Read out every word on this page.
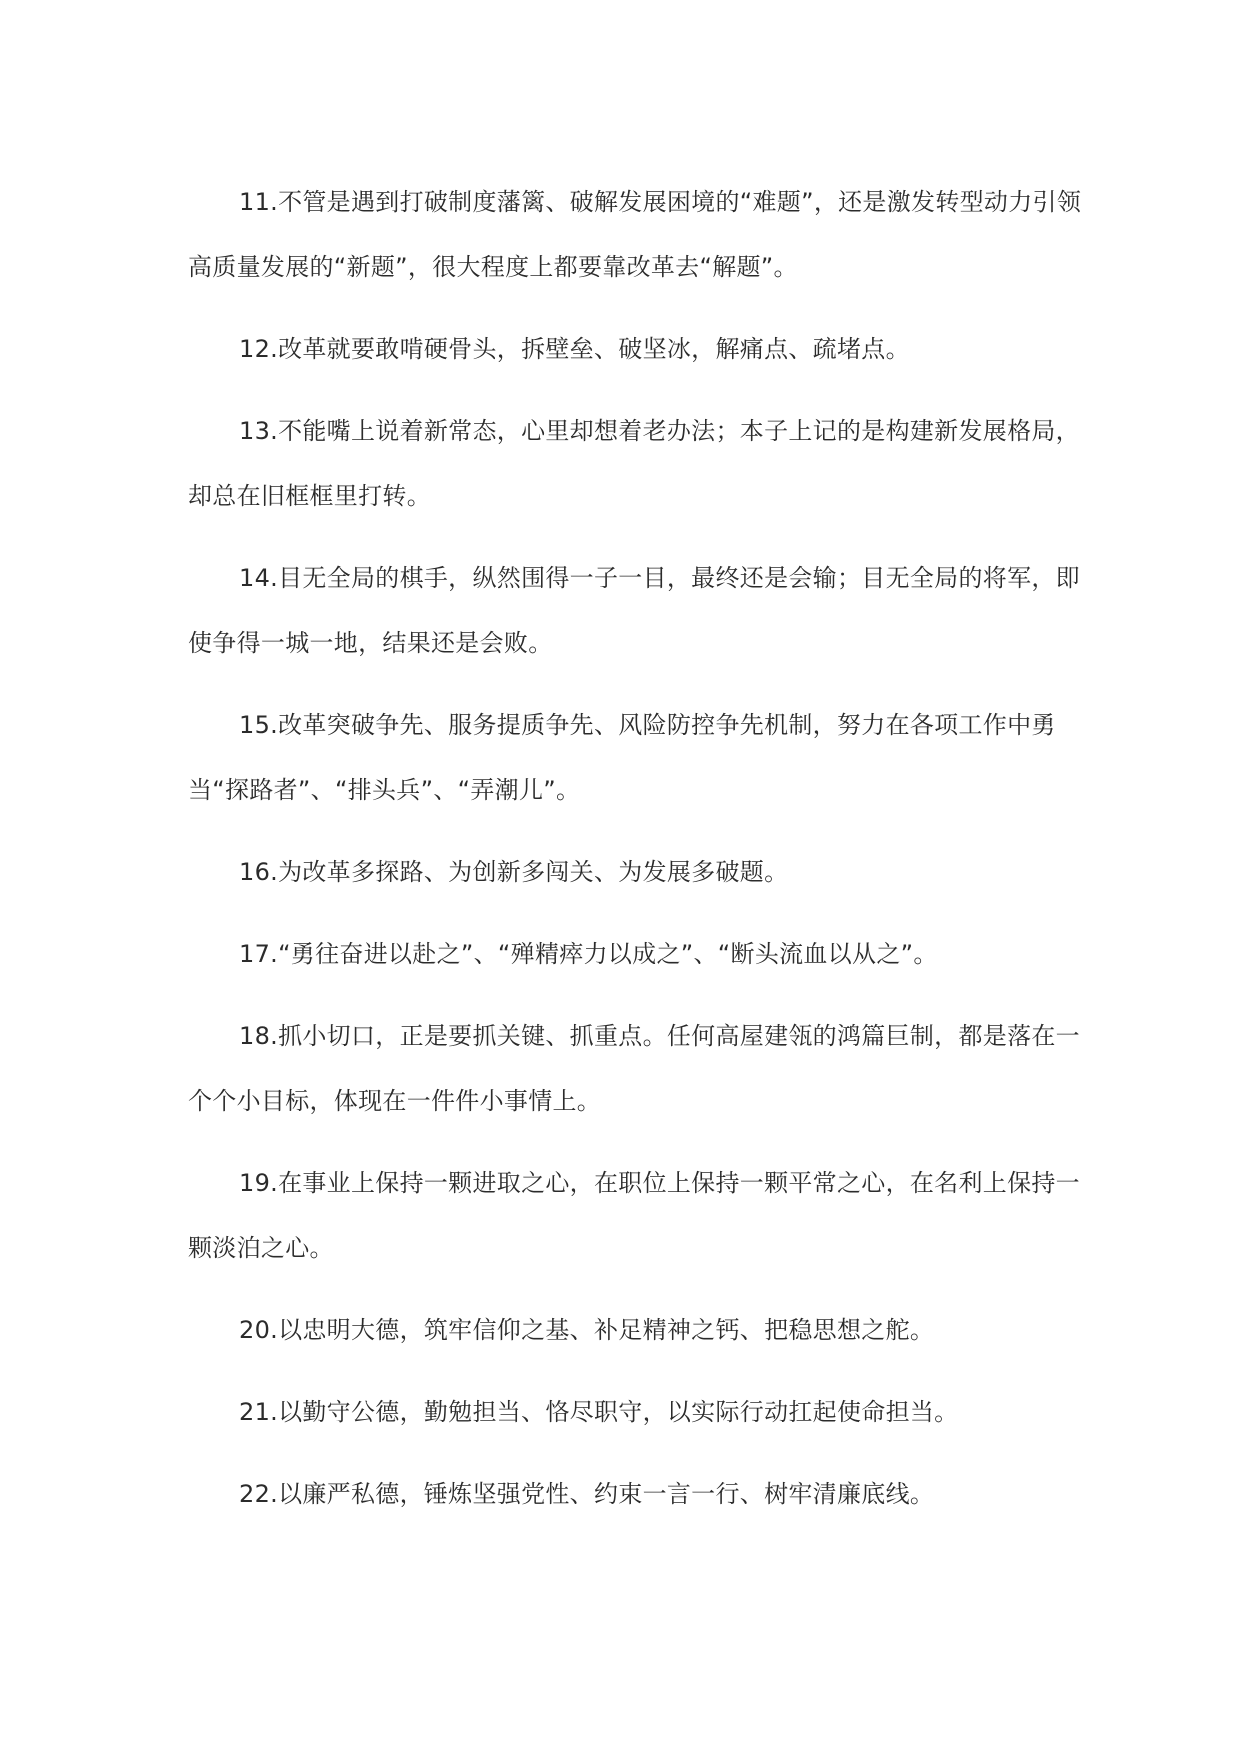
11.不管是遇到打破制度藩篱、破解发展困境的“难题”，还是激发转型动力引领高质量发展的“新题”，很大程度上都要靠改革去“解题”。

12.改革就要敢啃硬骨头，拆壁垒、破坚冰，解痛点、疏堵点。

13.不能嘴上说着新常态，心里却想着老办法；本子上记的是构建新发展格局，却总在旧框框里打转。

14.目无全局的棋手，纵然围得一子一目，最终还是会输；目无全局的将军，即使争得一城一地，结果还是会败。

15.改革突破争先、服务提质争先、风险防控争先机制，努力在各项工作中勇当“探路者”、“排头兵”、“弄潮儿”。

16.为改革多探路、为创新多闯关、为发展多破题。

17.“勇往奋进以赴之”、“殚精瘁力以成之”、“断头流血以从之”。

18.抓小切口，正是要抓关键、抓重点。任何高屋建瓴的鸿篇巨制，都是落在一个个小目标，体现在一件件小事情上。

19.在事业上保持一颗进取之心，在职位上保持一颗平常之心，在名利上保持一颗淡泊之心。

20.以忠明大德，筑牢信仰之基、补足精神之钙、把稳思想之舵。

21.以勤守公德，勤勉担当、恪尽职守，以实际行动扛起使命担当。

22.以廉严私德，锤炼坚强党性、约束一言一行、树牢清廉底线。
